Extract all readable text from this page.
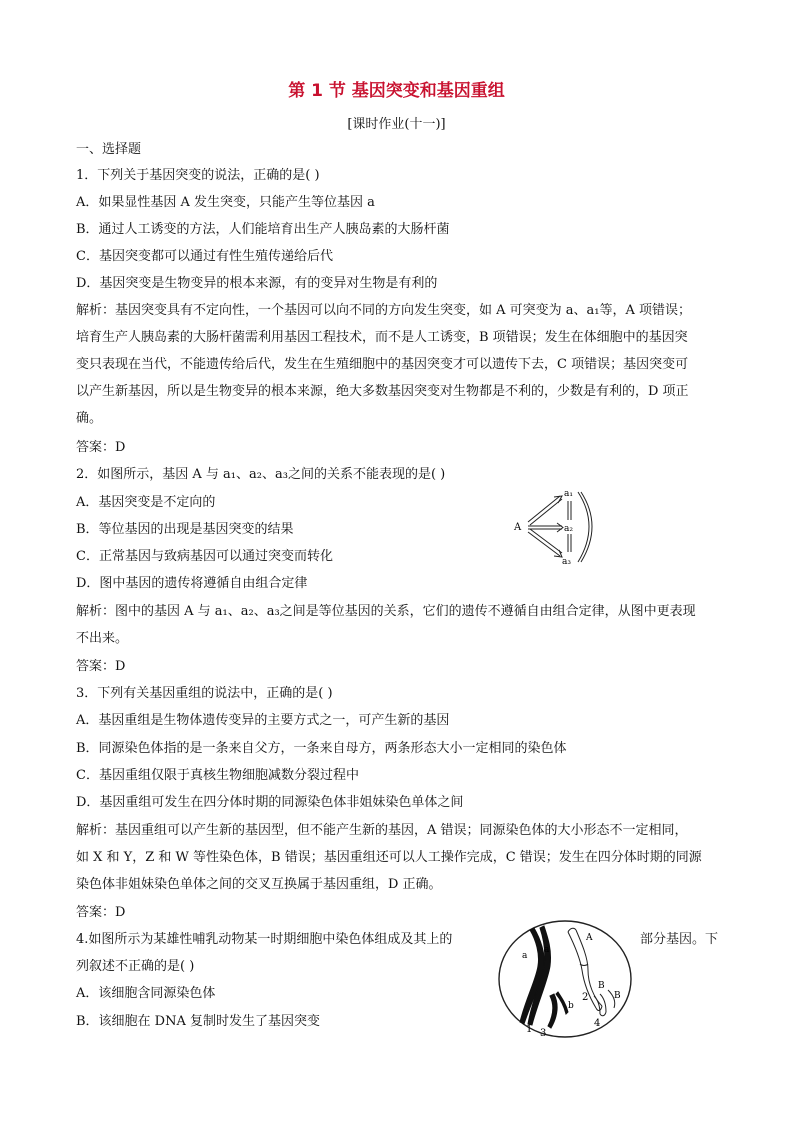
第 1 节 基因突变和基因重组
[课时作业(十一)]
一、选择题
1．下列关于基因突变的说法，正确的是( )
A．如果显性基因 A 发生突变，只能产生等位基因 a
B．通过人工诱变的方法，人们能培育出生产人胰岛素的大肠杆菌
C．基因突变都可以通过有性生殖传递给后代
D．基因突变是生物变异的根本来源，有的变异对生物是有利的
解析：基因突变具有不定向性，一个基因可以向不同的方向发生突变，如 A 可突变为 a、a₁等，A 项错误；
培育生产人胰岛素的大肠杆菌需利用基因工程技术，而不是人工诱变，B 项错误；发生在体细胞中的基因突
变只表现在当代，不能遗传给后代，发生在生殖细胞中的基因突变才可以遗传下去，C 项错误；基因突变可
以产生新基因，所以是生物变异的根本来源，绝大多数基因突变对生物都是不利的，少数是有利的，D 项正
确。
答案：D
2．如图所示，基因 A 与 a₁、a₂、a₃之间的关系不能表现的是( )
A．基因突变是不定向的
B．等位基因的出现是基因突变的结果
C．正常基因与致病基因可以通过突变而转化
D．图中基因的遗传将遵循自由组合定律
解析：图中的基因 A 与 a₁、a₂、a₃之间是等位基因的关系，它们的遗传不遵循自由组合定律，从图中更表现
不出来。
答案：D
A
a₁
a₂
a₃
3．下列有关基因重组的说法中，正确的是( )
A．基因重组是生物体遗传变异的主要方式之一，可产生新的基因
B．同源染色体指的是一条来自父方，一条来自母方，两条形态大小一定相同的染色体
C．基因重组仅限于真核生物细胞减数分裂过程中
D．基因重组可发生在四分体时期的同源染色体非姐妹染色单体之间
解析：基因重组可以产生新的基因型，但不能产生新的基因，A 错误；同源染色体的大小形态不一定相同，
如 X 和 Y，Z 和 W 等性染色体，B 错误；基因重组还可以人工操作完成，C 错误；发生在四分体时期的同源
染色体非姐妹染色单体之间的交叉互换属于基因重组，D 正确。
答案：D
4.如图所示为某雄性哺乳动物某一时期细胞中染色体组成及其上的	部分基因。下
列叙述不正确的是( )
A．该细胞含同源染色体
B．该细胞在 DNA 复制时发生了基因突变
a
a
A
B
B
b
1
2
3
4
